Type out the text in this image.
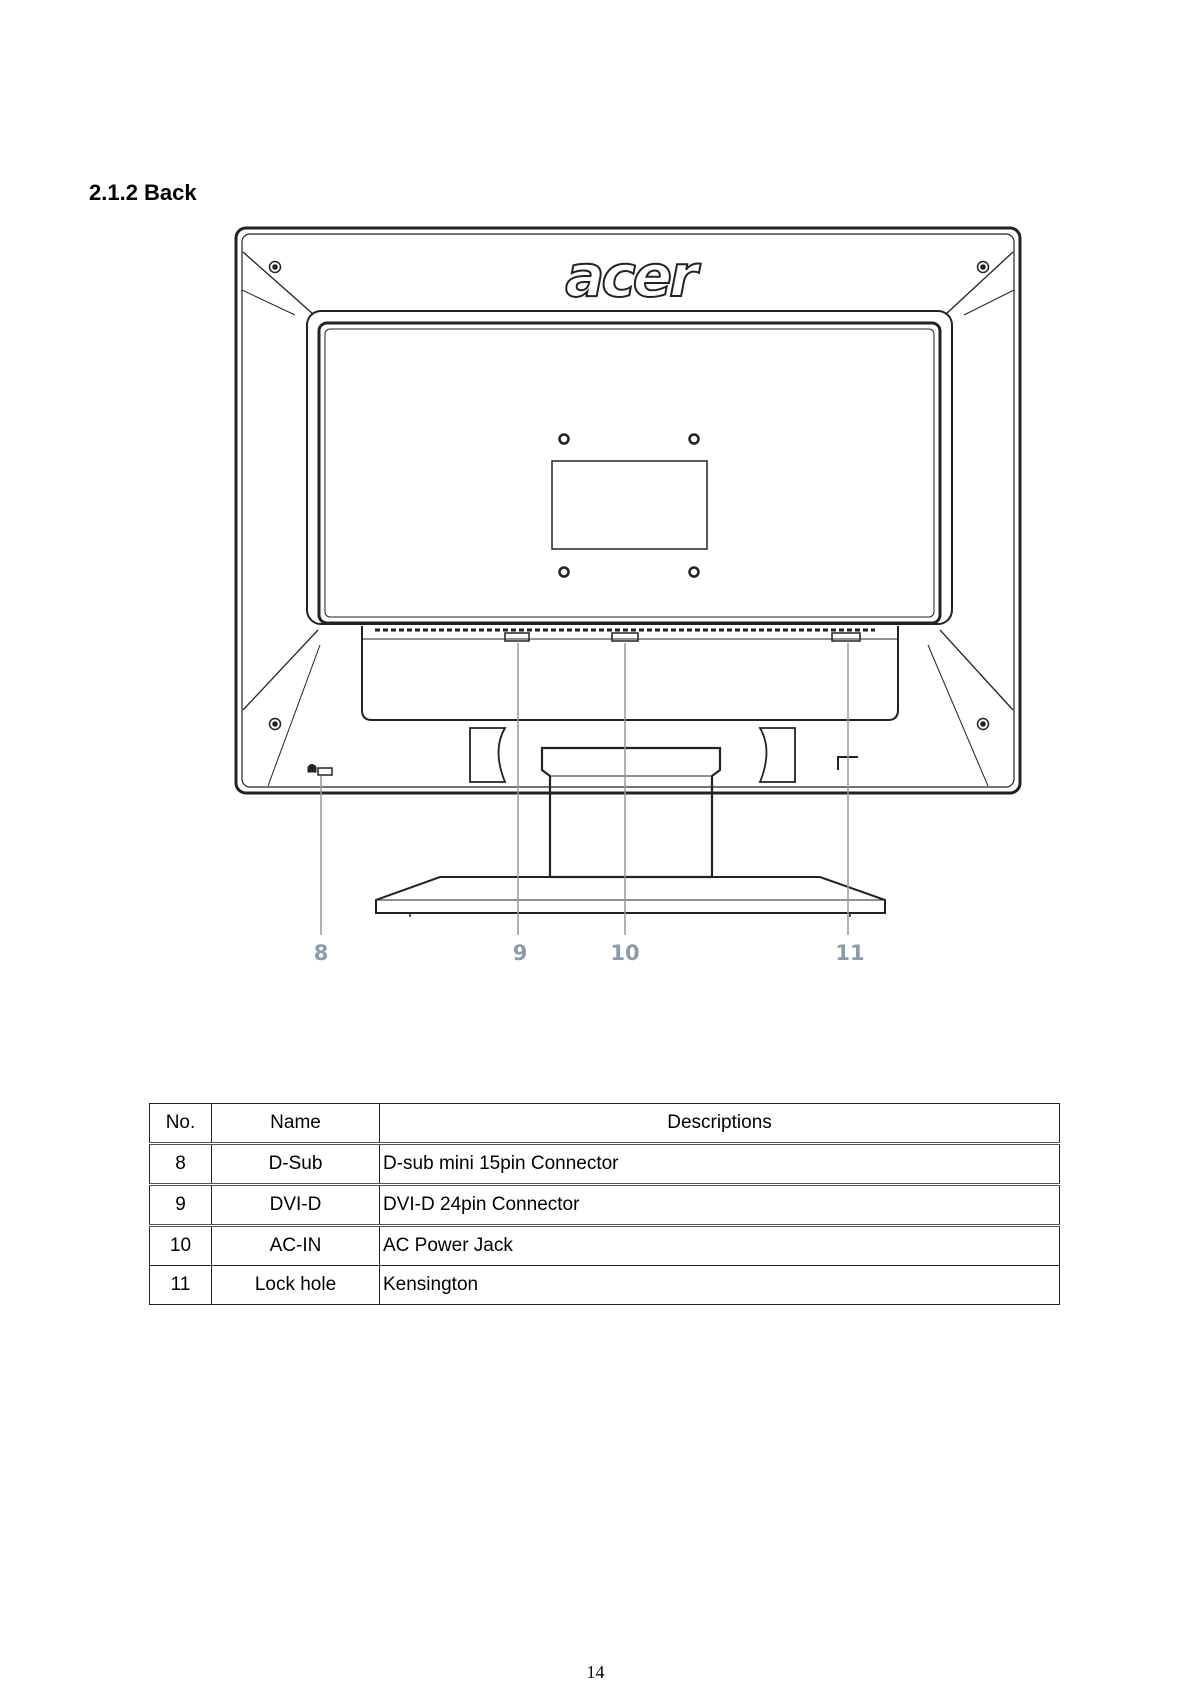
2.1.2 Back
acer
8	9	10	11
No.	Name	Descriptions
8	D-Sub	D-sub mini 15pin Connector
9	DVI-D	DVI-D 24pin Connector
10	AC-IN	AC Power Jack
11	Lock hole	Kensington
14
